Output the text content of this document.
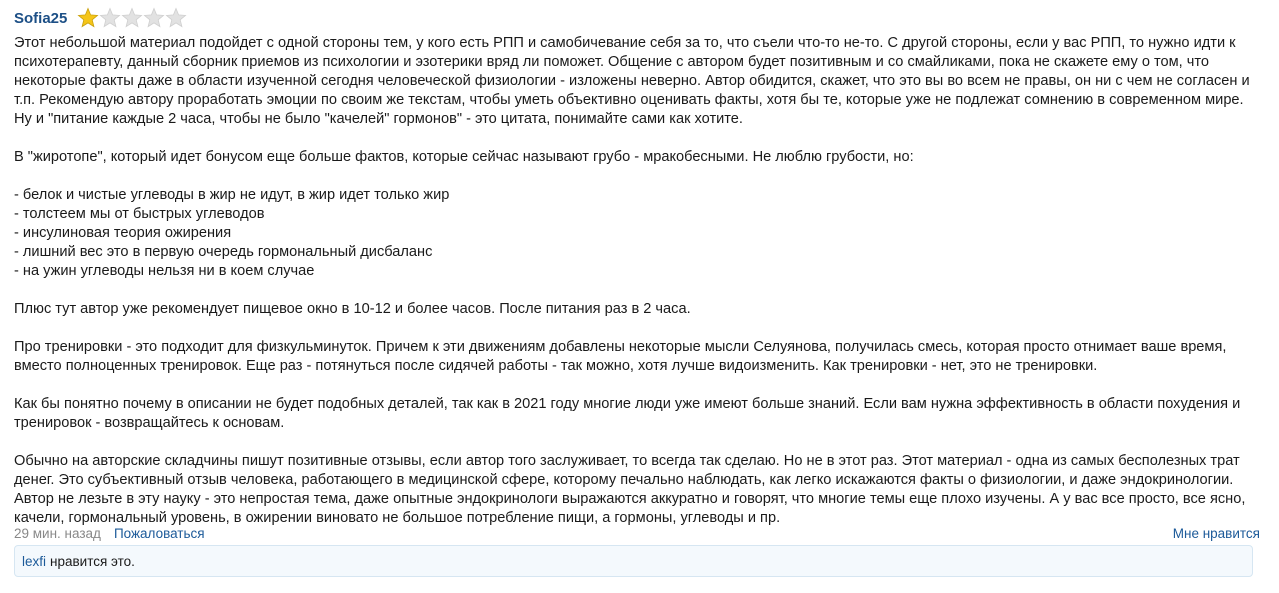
Sofia25

Этот небольшой материал подойдет с одной стороны тем, у кого есть РПП и самобичевание себя за то, что съели что-то не-то. С другой стороны, если у вас РПП, то нужно идти к психотерапевту, данный сборник приемов из психологии и эзотерики вряд ли поможет. Общение с автором будет позитивным и со смайликами, пока не скажете ему о том, что некоторые факты даже в области изученной сегодня человеческой физиологии - изложены неверно. Автор обидится, скажет, что это вы во всем не правы, он ни с чем не согласен и т.п. Рекомендую автору проработать эмоции по своим же текстам, чтобы уметь объективно оценивать факты, хотя бы те, которые уже не подлежат сомнению в современном мире. Ну и "питание каждые 2 часа, чтобы не было "качелей" гормонов" - это цитата, понимайте сами как хотите.

В "жиротопе", который идет бонусом еще больше фактов, которые сейчас называют грубо - мракобесными. Не люблю грубости, но:

- белок и чистые углеводы в жир не идут, в жир идет только жир
- толстеем мы от быстрых углеводов
- инсулиновая теория ожирения
- лишний вес это в первую очередь гормональный дисбаланс
- на ужин углеводы нельзя ни в коем случае

Плюс тут автор уже рекомендует пищевое окно в 10-12 и более часов. После питания раз в 2 часа.

Про тренировки - это подходит для физкульминуток. Причем к эти движениям добавлены некоторые мысли Селуянова, получилась смесь, которая просто отнимает ваше время, вместо полноценных тренировок. Еще раз - потянуться после сидячей работы - так можно, хотя лучше видоизменить. Как тренировки - нет, это не тренировки.

Как бы понятно почему в описании не будет подобных деталей, так как в 2021 году многие люди уже имеют больше знаний. Если вам нужна эффективность в области похудения и тренировок - возвращайтесь к основам.

Обычно на авторские складчины пишут позитивные отзывы, если автор того заслуживает, то всегда так сделаю. Но не в этот раз. Этот материал - одна из самых бесполезных трат денег. Это субъективный отзыв человека, работающего в медицинской сфере, которому печально наблюдать, как легко искажаются факты о физиологии, и даже эндокринологии. Автор не лезьте в эту науку - это непростая тема, даже опытные эндокринологи выражаются аккуратно и говорят, что многие темы еще плохо изучены. А у вас все просто, все ясно, качели, гормональный уровень, в ожирении виновато не большое потребление пищи, а гормоны, углеводы и пр.

29 мин. назад Пожаловаться	Мне нравится
lexfi нравится это.
